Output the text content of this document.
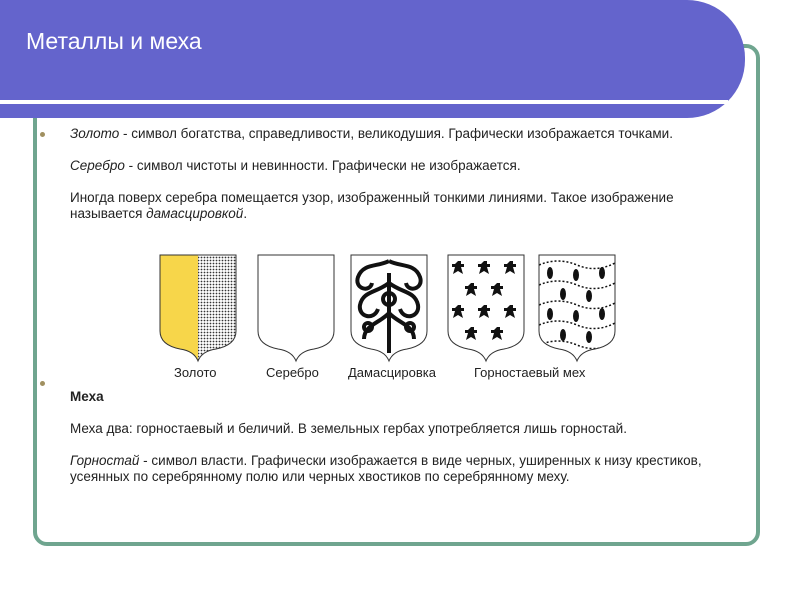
Металлы и меха

Золото - символ богатства, справедливости, великодушия. Графически изображается точками.

Серебро - символ чистоты и невинности. Графически не изображается.

Иногда поверх серебра помещается узор, изображенный тонкими линиями. Такое изображение называется дамасцировкой.

Золото	Серебро Дамасцировка	Горностаевый мех

Меха

Меха два: горностаевый и беличий. В земельных гербах употребляется лишь горностай.

Горностай - символ власти. Графически изображается в виде черных, уширенных к низу крестиков, усеянных по серебрянному полю или черных хвостиков по серебрянному меху.
